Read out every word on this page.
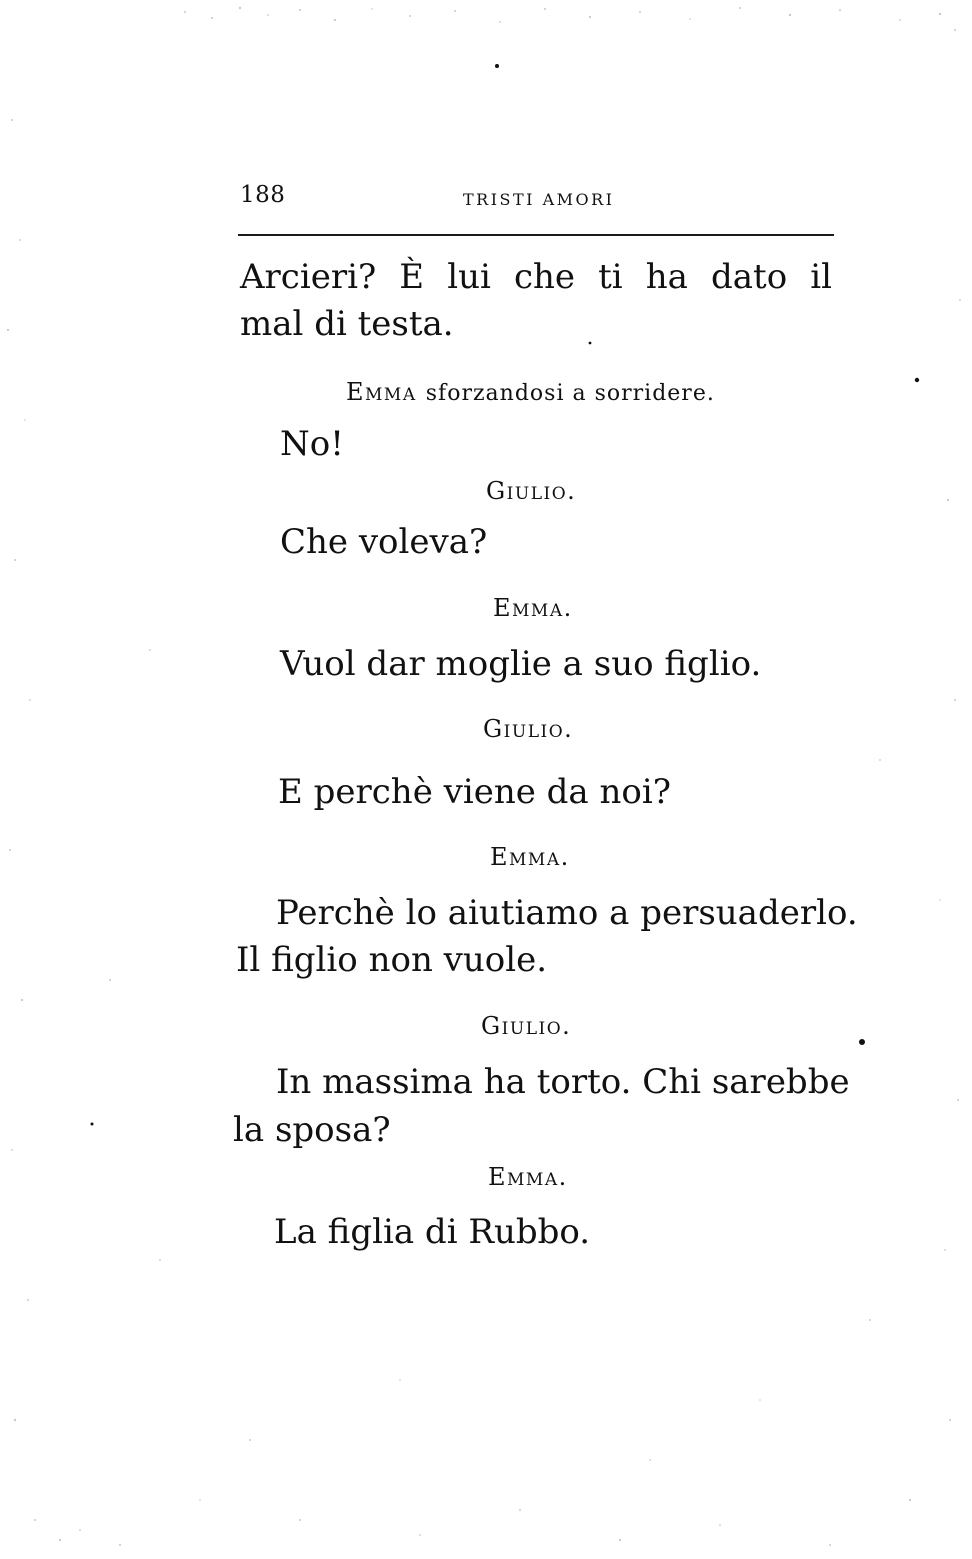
188	TRISTI AMORI
Arcieri? È lui che ti ha dato il
mal di testa.
Emma sforzandosi a sorridere.
No!
Giulio.
Che voleva?
Emma.
Vuol dar moglie a suo figlio.
Giulio.
E perchè viene da noi?
Emma.
Perchè lo aiutiamo a persuaderlo.
Il figlio non vuole.
Giulio.
In massima ha torto. Chi sarebbe
la sposa?
Emma.
La figlia di Rubbo.
